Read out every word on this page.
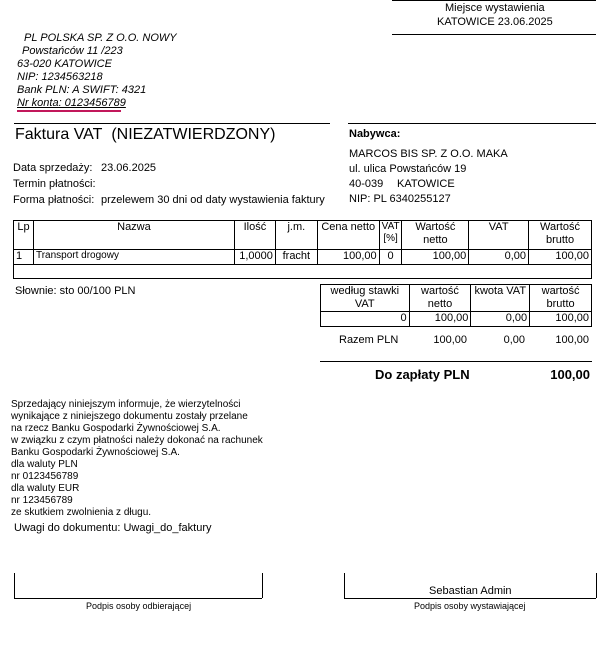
Miejsce wystawienia
KATOWICE 23.06.2025
PL POLSKA SP. Z O.O. NOWY
Powstańców 11 /223
63-020 KATOWICE
NIP: 1234563218
Bank PLN: A SWIFT: 4321
Nr konta: 0123456789
Faktura VAT (NIEZATWIERDZONY)
Data sprzedaży: 23.06.2025
Termin płatności:
Forma płatności: przelewem 30 dni od daty wystawienia faktury
Nabywca:
MARCOS BIS SP. Z O.O. MAKA
ul. ulica Powstańców 19
40-039 KATOWICE
NIP: PL 6340255127
Lp	Nazwa	Ilość	j.m.	Cena netto	VAT [%]	Wartość netto	VAT	Wartość brutto
1	Transport drogowy	1,0000	fracht	100,00	0	100,00	0,00	100,00

Słownie: sto 00/100 PLN	według stawki VAT	wartość netto	kwota VAT	wartość brutto
0	100,00	0,00	100,00
Razem PLN	100,00	0,00	100,00
Do zapłaty PLN	100,00
Sprzedający niniejszym informuje, że wierzytelności
wynikające z niniejszego dokumentu zostały przelane
na rzecz Banku Gospodarki Żywnościowej S.A.
w związku z czym płatności należy dokonać na rachunek
Banku Gospodarki Żywnościowej S.A.
dla waluty PLN
nr 0123456789
dla waluty EUR
nr 123456789
ze skutkiem zwolnienia z długu.
Uwagi do dokumentu: Uwagi_do_faktury
Podpis osoby odbierającej
Sebastian Admin
Podpis osoby wystawiającej
